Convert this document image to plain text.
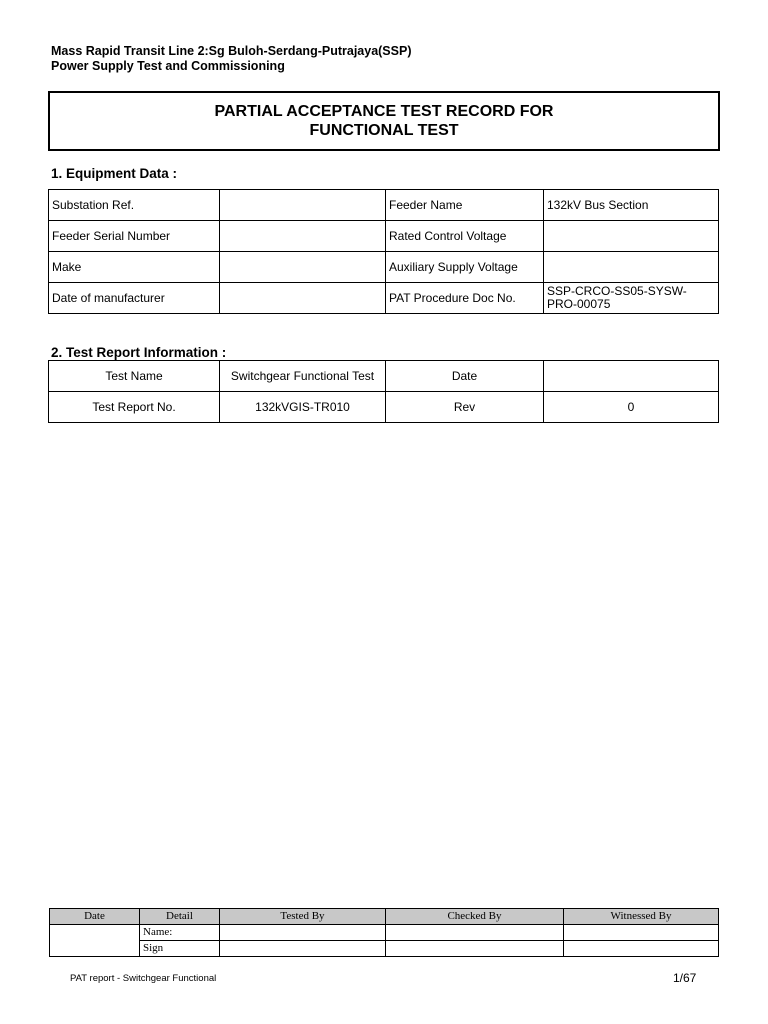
Mass Rapid Transit Line 2:Sg Buloh-Serdang-Putrajaya(SSP)
Power Supply Test and Commissioning
PARTIAL ACCEPTANCE TEST RECORD FOR
FUNCTIONAL TEST
1. Equipment Data :
Substation Ref.		Feeder Name	132kV Bus Section
Feeder Serial Number		Rated Control Voltage	
Make		Auxiliary Supply Voltage	
Date of manufacturer		PAT Procedure Doc No.	SSP-CRCO-SS05-SYSW-PRO-00075
2. Test Report Information :
Test Name	Switchgear Functional Test	Date	
Test Report No.	132kVGIS-TR010	Rev	0
Date	Detail	Tested By	Checked By	Witnessed By
	Name:			
	Sign			
PAT report - Switchgear Functional	1/67
